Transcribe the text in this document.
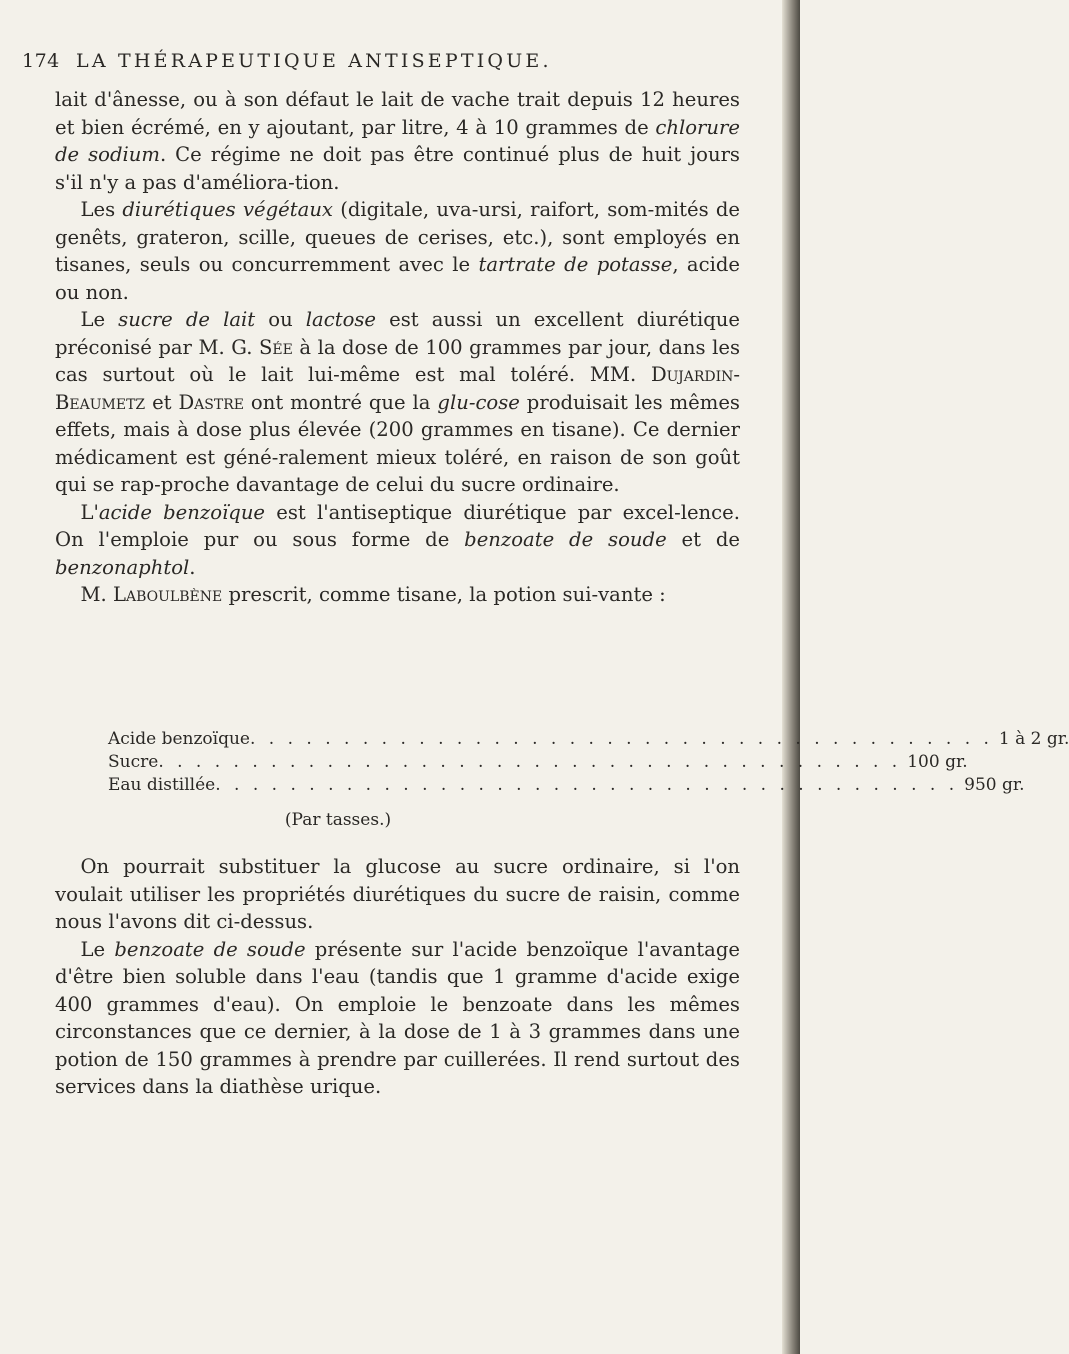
174 LA THÉRAPEUTIQUE ANTISEPTIQUE.

lait d'ânesse, ou à son défaut le lait de vache trait depuis 12 heures et bien écrémé, en y ajoutant, par litre, 4 à 10 grammes de chlorure de sodium. Ce régime ne doit pas être continué plus de huit jours s'il n'y a pas d'améliora-tion.

Les diurétiques végétaux (digitale, uva-ursi, raifort, som-mités de genêts, grateron, scille, queues de cerises, etc.), sont employés en tisanes, seuls ou concurremment avec le tartrate de potasse, acide ou non.

Le sucre de lait ou lactose est aussi un excellent diurétique préconisé par M. G. Sée à la dose de 100 grammes par jour, dans les cas surtout où le lait lui-même est mal toléré. MM. Dujardin-Beaumetz et Dastre ont montré que la glu-cose produisait les mêmes effets, mais à dose plus élevée (200 grammes en tisane). Ce dernier médicament est géné-ralement mieux toléré, en raison de son goût qui se rap-proche davantage de celui du sucre ordinaire.

L'acide benzoïque est l'antiseptique diurétique par excel-lence. On l'emploie pur ou sous forme de benzoate de soude et de benzonaphtol.

M. Laboulbène prescrit, comme tisane, la potion sui-vante :

Acide benzoïque . . . . . . . . . . . . . . . . . . . . . . . . . . . . . . . . . . . . . . . . 1 à 2 gr.
Sucre . . . . . . . . . . . . . . . . . . . . . . . . . . . . . . . . . . . . . . . . 100 gr.
Eau distillée . . . . . . . . . . . . . . . . . . . . . . . . . . . . . . . . . . . . . . . . 950 gr.
(Par tasses.)

On pourrait substituer la glucose au sucre ordinaire, si l'on voulait utiliser les propriétés diurétiques du sucre de raisin, comme nous l'avons dit ci-dessus.

Le benzoate de soude présente sur l'acide benzoïque l'avantage d'être bien soluble dans l'eau (tandis que 1 gramme d'acide exige 400 grammes d'eau). On emploie le benzoate dans les mêmes circonstances que ce dernier, à la dose de 1 à 3 grammes dans une potion de 150 grammes à prendre par cuillerées. Il rend surtout des services dans la diathèse urique.
